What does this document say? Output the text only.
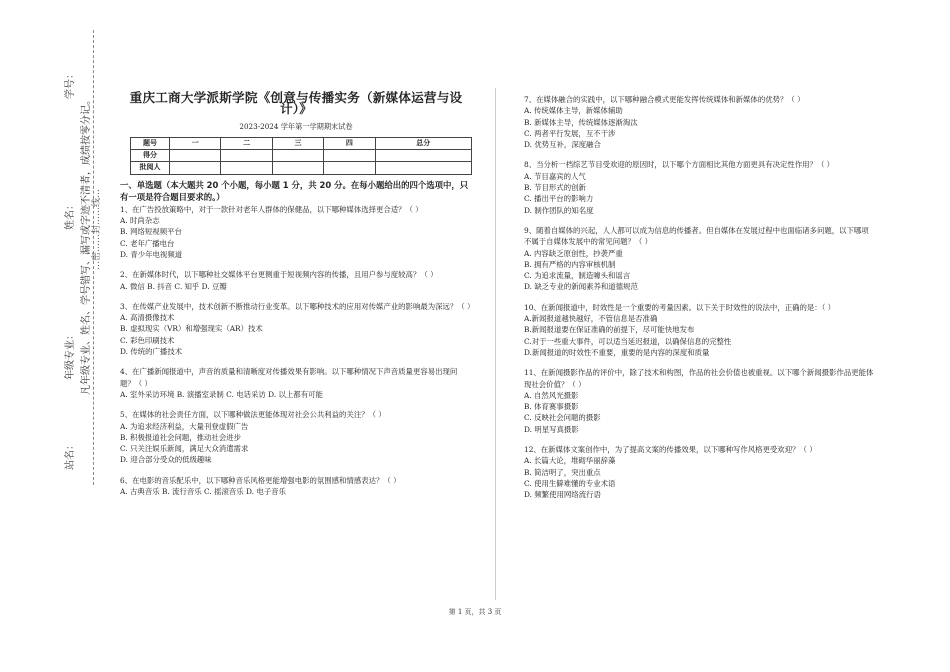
学号：
姓名：
年级专业：
站名：
凡年级专业、姓名、学号错写、漏写或字迹不清者，成绩按零分记。 …密……封……线…
重庆工商大学派斯学院《创意与传播实务（新媒体运营与设计）》
2023-2024 学年第一学期期末试卷
题号	一	二	三	四	总分
得分					
批阅人					
一、单选题（本大题共 20 个小题，每小题 1 分，共 20 分。在每小题给出的四个选项中，只有一项是符合题目要求的。）
1、在广告投放策略中，对于一款针对老年人群体的保健品，以下哪种媒体选择更合适？（ ）
A. 时尚杂志
B. 网络短视频平台
C. 老年广播电台
D. 青少年电视频道
2、在新媒体时代，以下哪种社交媒体平台更侧重于短视频内容的传播，且用户参与度较高？（ ）
A. 微信 B. 抖音 C. 知乎 D. 豆瓣
3、在传媒产业发展中，技术创新不断推动行业变革。以下哪种技术的应用对传媒产业的影响最为深远？（ ）
A. 高清摄像技术
B. 虚拟现实（VR）和增强现实（AR）技术
C. 彩色印刷技术
D. 传统的广播技术
4、在广播新闻报道中，声音的质量和清晰度对传播效果有影响。以下哪种情况下声音质量更容易出现问题？（ ）
A. 室外采访环境 B. 演播室录制 C. 电话采访 D. 以上都有可能
5、在媒体的社会责任方面，以下哪种做法更能体现对社会公共利益的关注？（ ）
A. 为追求经济利益，大量刊登虚假广告
B. 积极报道社会问题，推动社会进步
C. 只关注娱乐新闻，满足大众消遣需求
D. 迎合部分受众的低级趣味
6、在电影的音乐配乐中，以下哪种音乐风格更能增强电影的氛围感和情感表达？（ ）
A. 古典音乐 B. 流行音乐 C. 摇滚音乐 D. 电子音乐
7、在媒体融合的实践中，以下哪种融合模式更能发挥传统媒体和新媒体的优势？（ ）
A. 传统媒体主导，新媒体辅助
B. 新媒体主导，传统媒体逐渐淘汰
C. 两者平行发展，互不干涉
D. 优势互补，深度融合
8、当分析一档综艺节目受欢迎的原因时，以下哪个方面相比其他方面更具有决定性作用？（ ）
A. 节目嘉宾的人气
B. 节目形式的创新
C. 播出平台的影响力
D. 制作团队的知名度
9、随着自媒体的兴起，人人都可以成为信息的传播者。但自媒体在发展过程中也面临诸多问题，以下哪项不属于自媒体发展中的常见问题？（ ）
A. 内容缺乏原创性，抄袭严重
B. 拥有严格的内容审核机制
C. 为追求流量，制造噱头和谣言
D. 缺乏专业的新闻素养和道德规范
10、在新闻报道中，时效性是一个重要的考量因素。以下关于时效性的说法中，正确的是：（ ）
A.新闻报道越快越好，不管信息是否准确
B.新闻报道要在保证准确的前提下，尽可能快地发布
C.对于一些重大事件，可以适当延迟报道，以确保信息的完整性
D.新闻报道的时效性不重要，重要的是内容的深度和质量
11、在新闻摄影作品的评价中，除了技术和构图，作品的社会价值也被重视。以下哪个新闻摄影作品更能体现社会价值？（ ）
A. 自然风光摄影
B. 体育赛事摄影
C. 反映社会问题的摄影
D. 明星写真摄影
12、在新媒体文案创作中，为了提高文案的传播效果，以下哪种写作风格更受欢迎？（ ）
A. 长篇大论，堆砌华丽辞藻
B. 简洁明了，突出重点
C. 使用生僻难懂的专业术语
D. 频繁使用网络流行语
第 1 页，共 3 页
